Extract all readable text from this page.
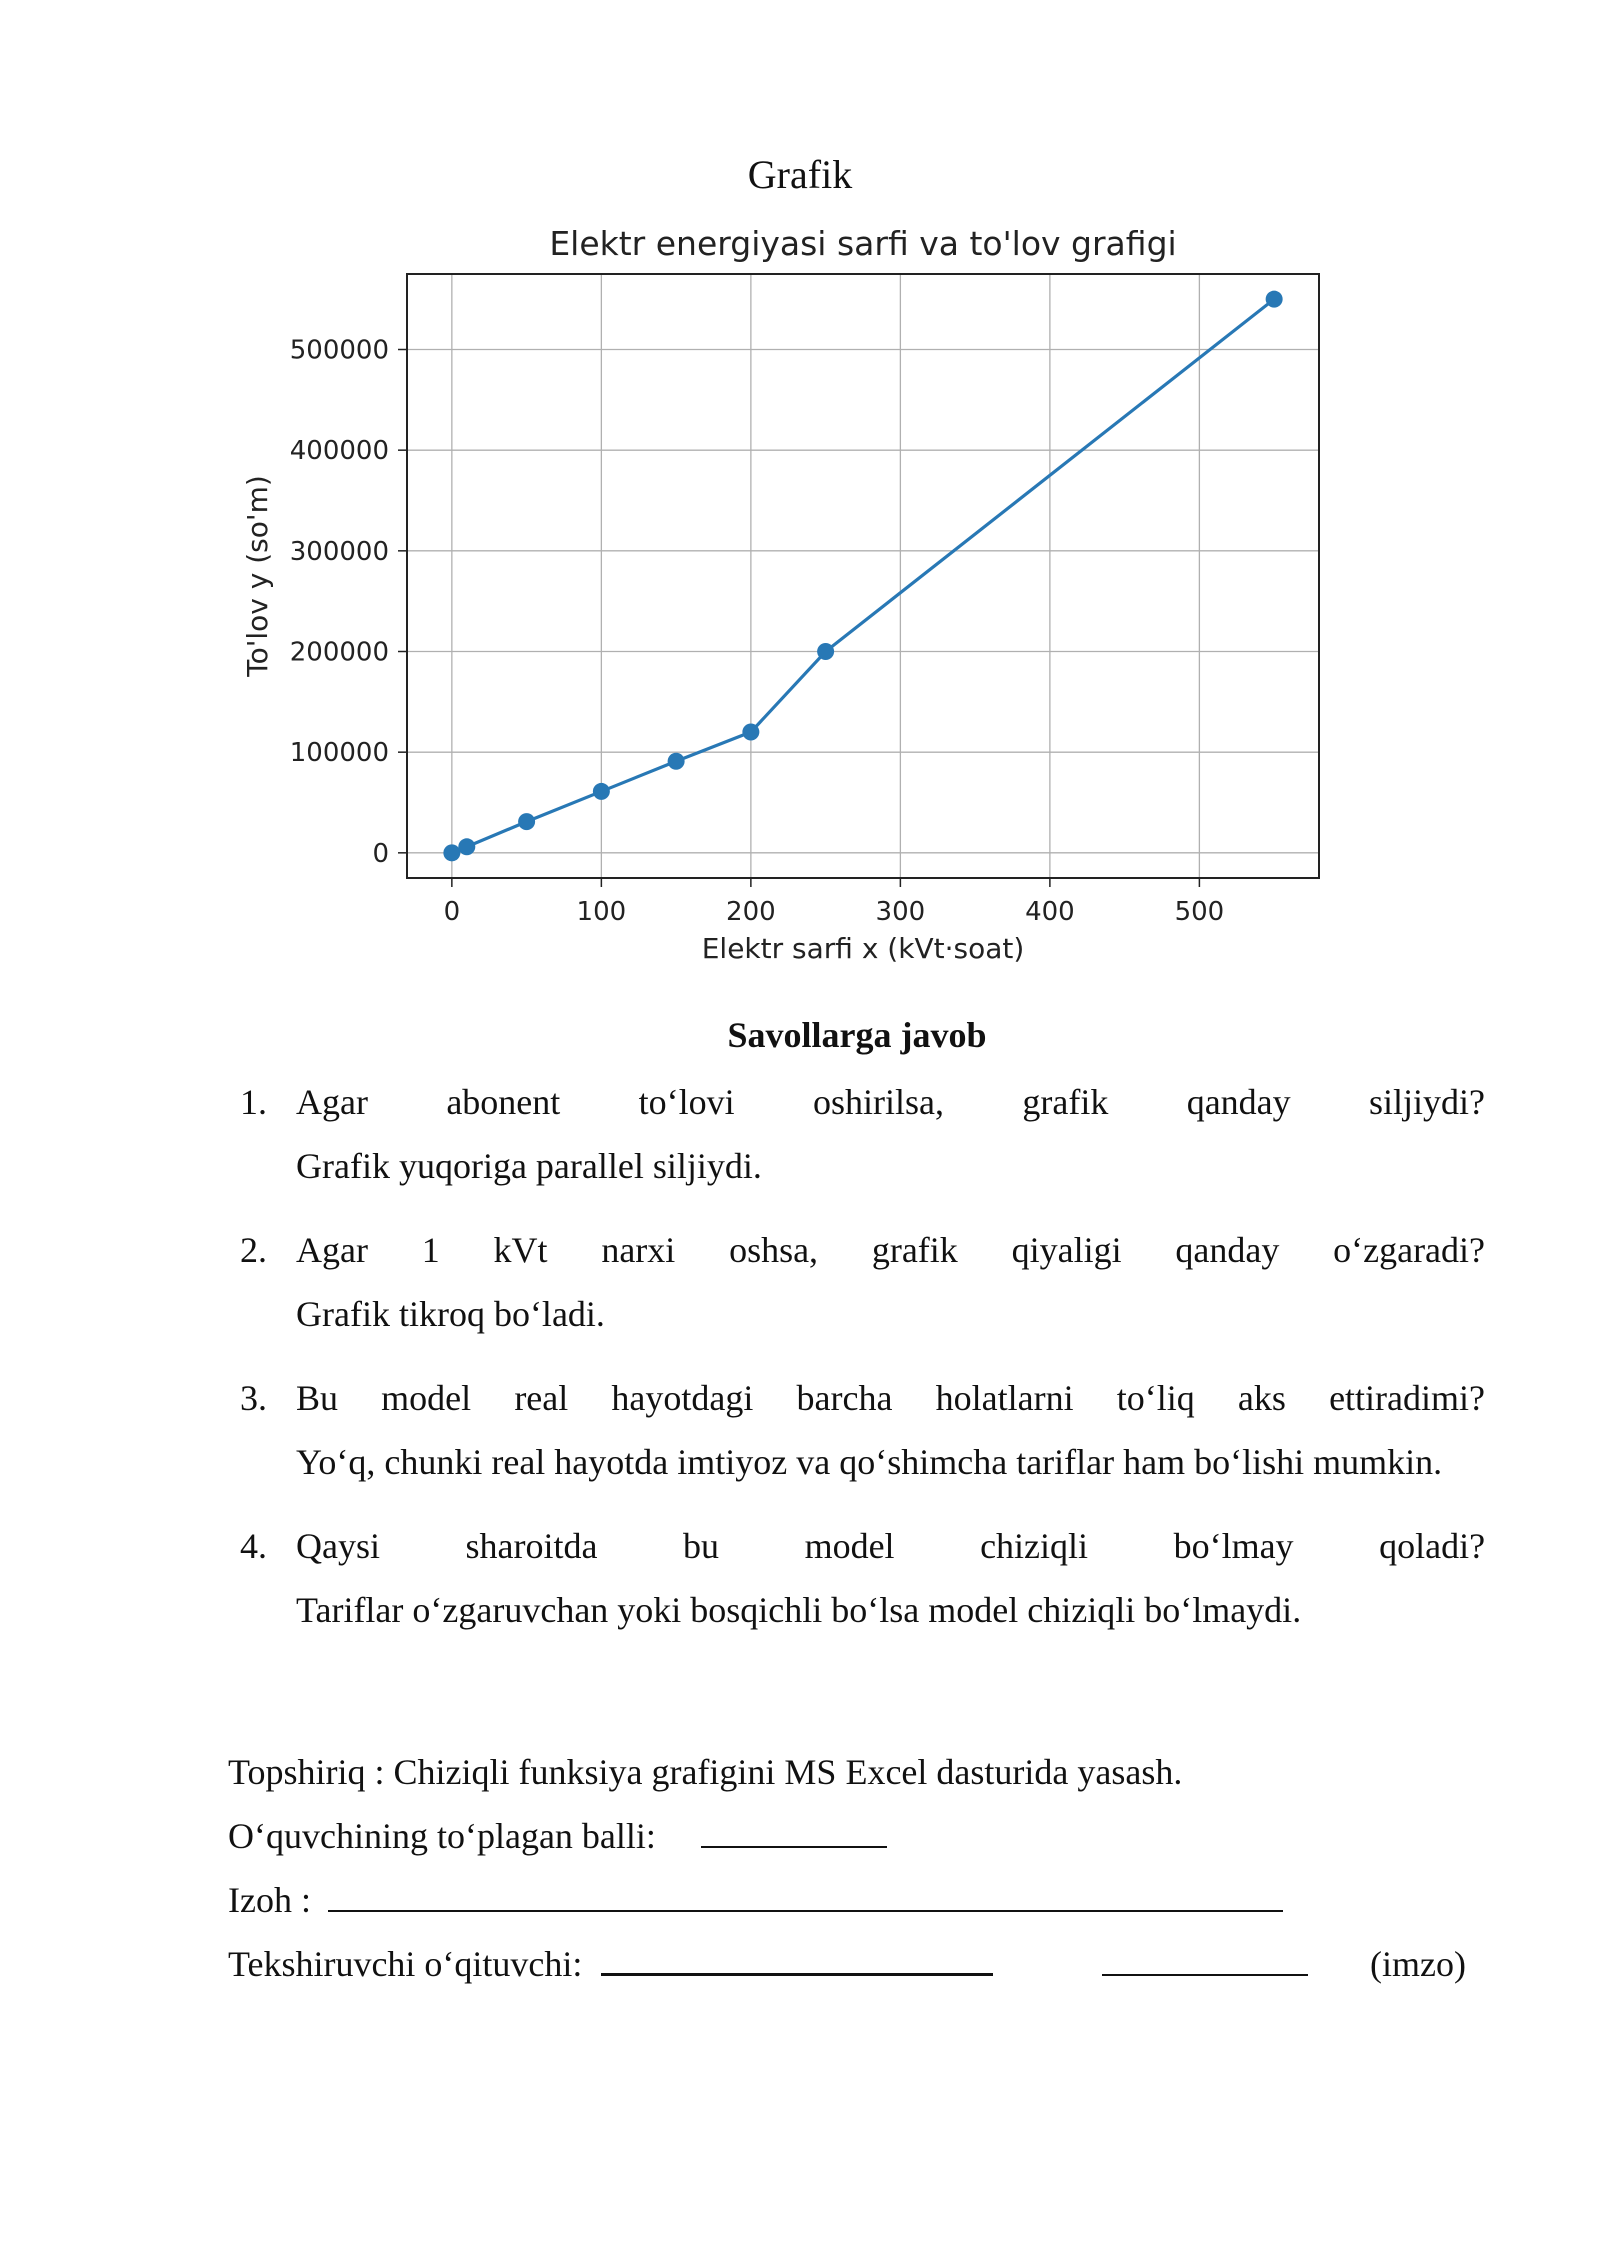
Grafik
Elektr energiyasi sarfi va to'lov grafigi
0	100	200	300	400	500
0
100000
200000
300000
400000
500000
Elektr sarfi x (kVt·soat)
To'lov y (so'm)
Savollarga javob
1. Agar abonent to‘lovi oshirilsa, grafik qanday siljiydi?
Grafik yuqoriga parallel siljiydi.
2. Agar 1 kVt narxi oshsa, grafik qiyaligi qanday o‘zgaradi?
Grafik tikroq bo‘ladi.
3. Bu model real hayotdagi barcha holatlarni to‘liq aks ettiradimi?
Yo‘q, chunki real hayotda imtiyoz va qo‘shimcha tariflar ham bo‘lishi mumkin.
4. Qaysi sharoitda bu model chiziqli bo‘lmay qoladi?
Tariflar o‘zgaruvchan yoki bosqichli bo‘lsa model chiziqli bo‘lmaydi.
Topshiriq : Chiziqli funksiya grafigini MS Excel dasturida yasash.
O‘quvchining to‘plagan balli:
Izoh :
Tekshiruvchi o‘qituvchi:	(imzo)
